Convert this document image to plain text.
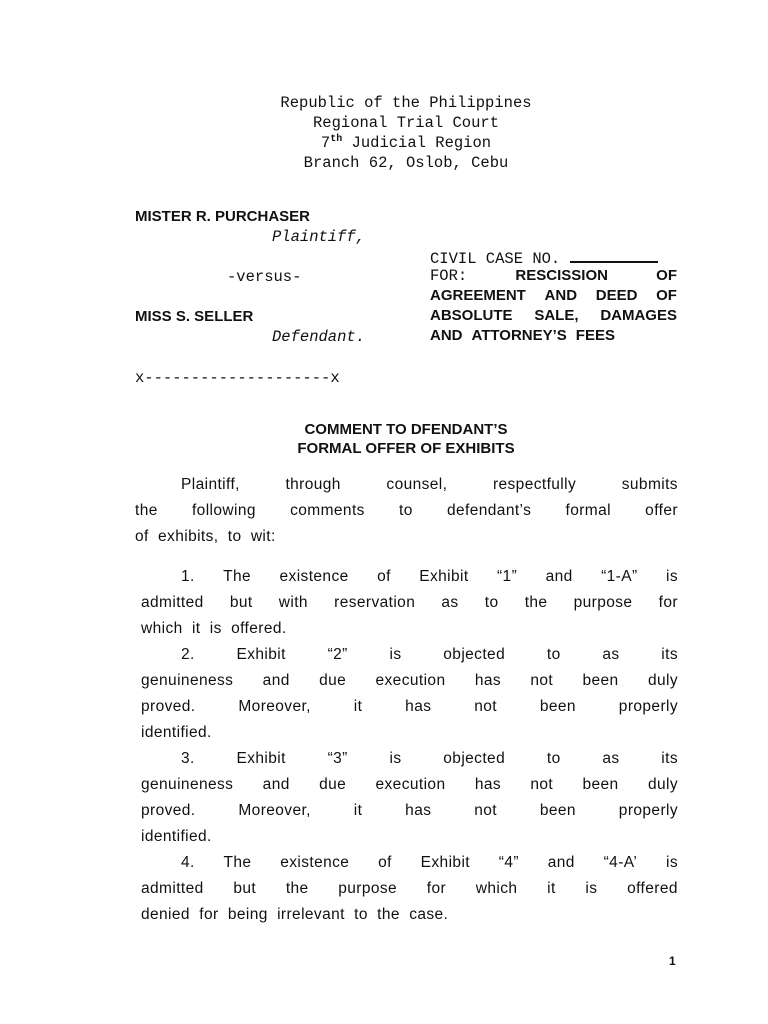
Republic of the Philippines
Regional Trial Court
7th Judicial Region
Branch 62, Oslob, Cebu
MISTER R. PURCHASER
Plaintiff,
-versus-
MISS S. SELLER
Defendant.
CIVIL CASE NO.
FOR:	RESCISSION	OF
AGREEMENT AND DEED OF
ABSOLUTE SALE, DAMAGES
AND ATTORNEY’S FEES
x--------------------x
COMMENT TO DFENDANT’S
FORMAL OFFER OF EXHIBITS
Plaintiff,	through	counsel,	respectfully	submits
the following comments to defendant’s formal offer
of exhibits, to wit:
1. The existence of Exhibit “1” and “1-A” is
admitted but with reservation as to the purpose for
which it is offered.
2.	Exhibit	“2”	is	objected	to	as	its
genuineness and due execution has not been duly
proved.	Moreover,	it	has	not	been	properly
identified.
3.	Exhibit	“3”	is	objected	to	as	its
genuineness and due execution has not been duly
proved.	Moreover,	it	has	not	been	properly
identified.
4. The existence of Exhibit “4” and “4-A’ is
admitted but the purpose for which it is offered
denied for being irrelevant to the case.
1
